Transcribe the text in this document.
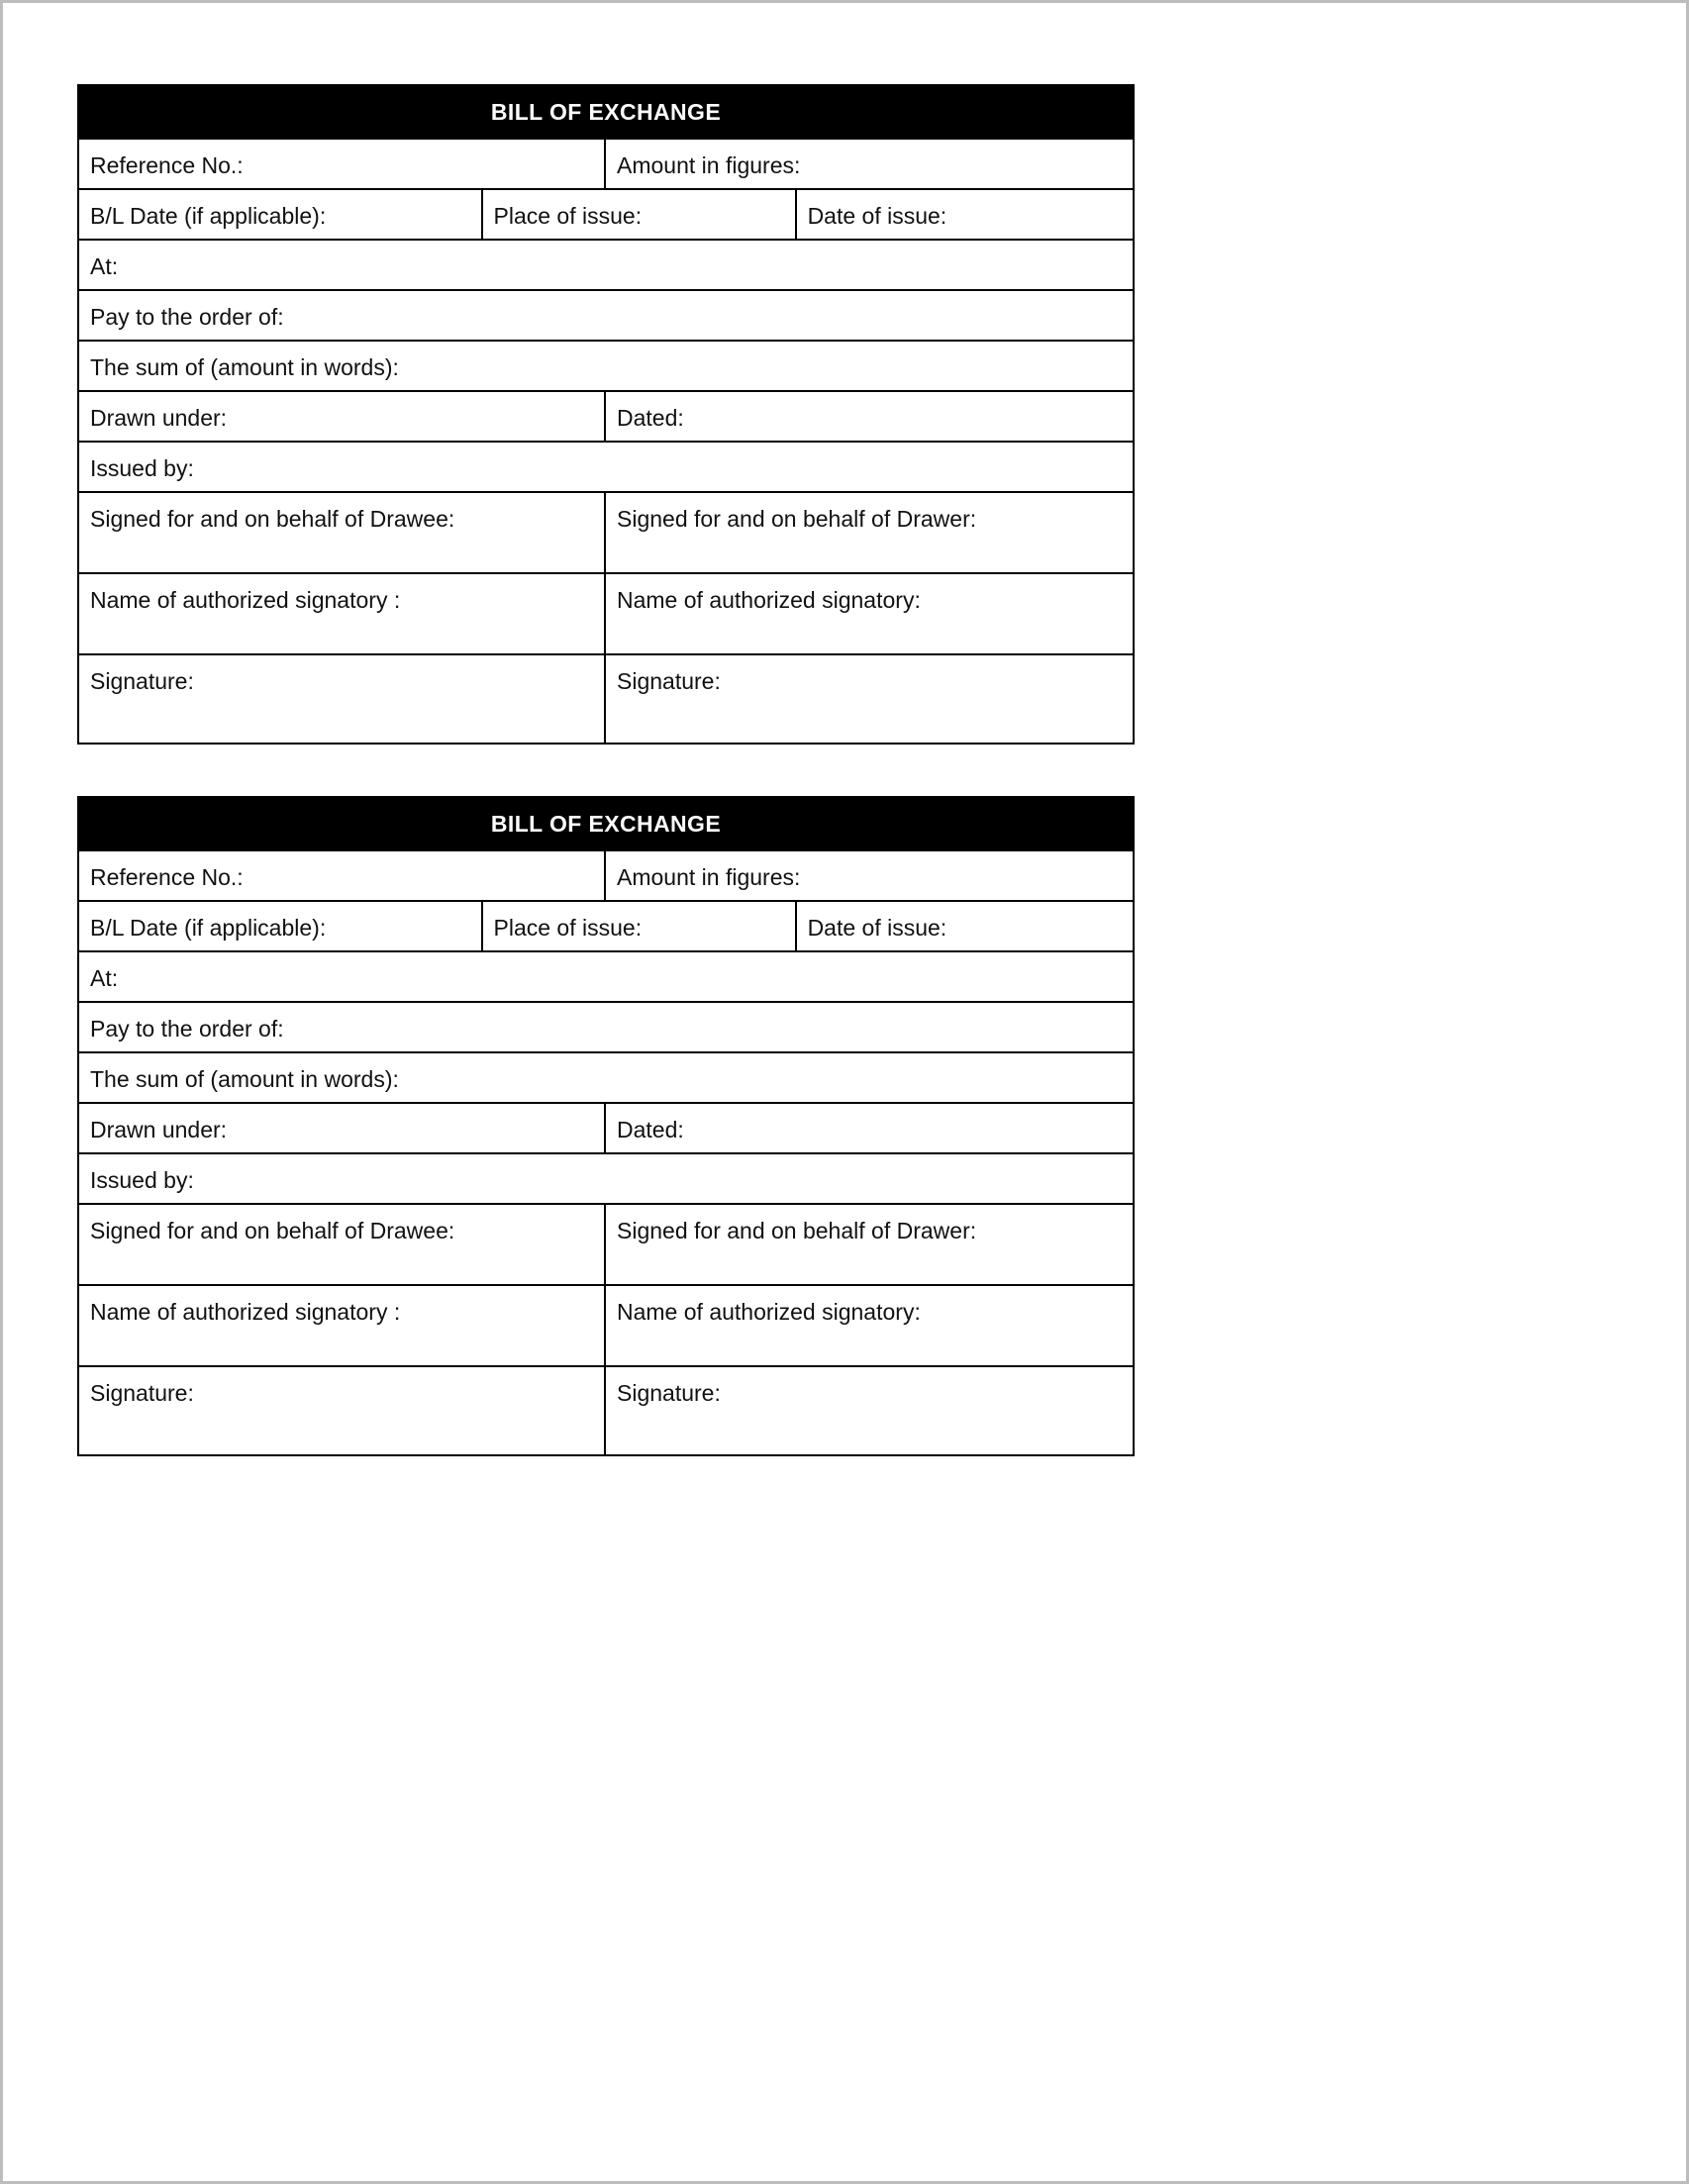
BILL OF EXCHANGE
Reference No.:	Amount in figures:
B/L Date (if applicable):	Place of issue:	Date of issue:
At:
Pay to the order of:
The sum of (amount in words):
Drawn under:	Dated:
Issued by:
Signed for and on behalf of Drawee:	Signed for and on behalf of Drawer:
Name of authorized signatory :	Name of authorized signatory:
Signature:	Signature:
BILL OF EXCHANGE
Reference No.:	Amount in figures:
B/L Date (if applicable):	Place of issue:	Date of issue:
At:
Pay to the order of:
The sum of (amount in words):
Drawn under:	Dated:
Issued by:
Signed for and on behalf of Drawee:	Signed for and on behalf of Drawer:
Name of authorized signatory :	Name of authorized signatory:
Signature:	Signature:
